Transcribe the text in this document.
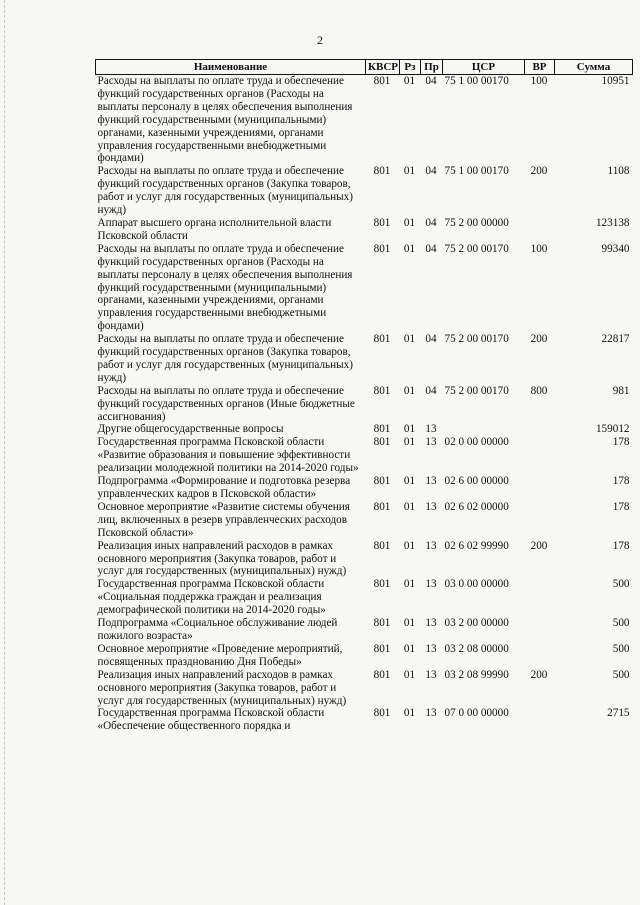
2
Наименование	КВСР	Рз	Пр	ЦСР	ВР	Сумма
Расходы на выплаты по оплате труда и обеспечение функций государственных органов (Расходы на выплаты персоналу в целях обеспечения выполнения функций государственными (муниципальными) органами, казенными учреждениями, органами управления государственными внебюджетными фондами)	801	01	04	75 1 00 00170	100	10951
Расходы на выплаты по оплате труда и обеспечение функций государственных органов (Закупка товаров, работ и услуг для государственных (муниципальных) нужд)	801	01	04	75 1 00 00170	200	1108
Аппарат высшего органа исполнительной власти Псковской области	801	01	04	75 2 00 00000		123138
Расходы на выплаты по оплате труда и обеспечение функций государственных органов (Расходы на выплаты персоналу в целях обеспечения выполнения функций государственными (муниципальными) органами, казенными учреждениями, органами управления государственными внебюджетными фондами)	801	01	04	75 2 00 00170	100	99340
Расходы на выплаты по оплате труда и обеспечение функций государственных органов (Закупка товаров, работ и услуг для государственных (муниципальных) нужд)	801	01	04	75 2 00 00170	200	22817
Расходы на выплаты по оплате труда и обеспечение функций государственных органов (Иные бюджетные ассигнования)	801	01	04	75 2 00 00170	800	981
Другие общегосударственные вопросы	801	01	13			159012
Государственная программа Псковской области «Развитие образования и повышение эффективности реализации молодежной политики на 2014-2020 годы»	801	01	13	02 0 00 00000		178
Подпрограмма «Формирование и подготовка резерва управленческих кадров в Псковской области»	801	01	13	02 6 00 00000		178
Основное мероприятие «Развитие системы обучения лиц, включенных в резерв управленческих расходов Псковской области»	801	01	13	02 6 02 00000		178
Реализация иных направлений расходов в рамках основного мероприятия (Закупка товаров, работ и услуг для государственных (муниципальных) нужд)	801	01	13	02 6 02 99990	200	178
Государственная программа Псковской области «Социальная поддержка граждан и реализация демографической политики на 2014-2020 годы»	801	01	13	03 0 00 00000		500
Подпрограмма «Социальное обслуживание людей пожилого возраста»	801	01	13	03 2 00 00000		500
Основное мероприятие «Проведение мероприятий, посвященных празднованию Дня Победы»	801	01	13	03 2 08 00000		500
Реализация иных направлений расходов в рамках основного мероприятия (Закупка товаров, работ и услуг для государственных (муниципальных) нужд)	801	01	13	03 2 08 99990	200	500
Государственная программа Псковской области «Обеспечение общественного порядка и	801	01	13	07 0 00 00000		2715
